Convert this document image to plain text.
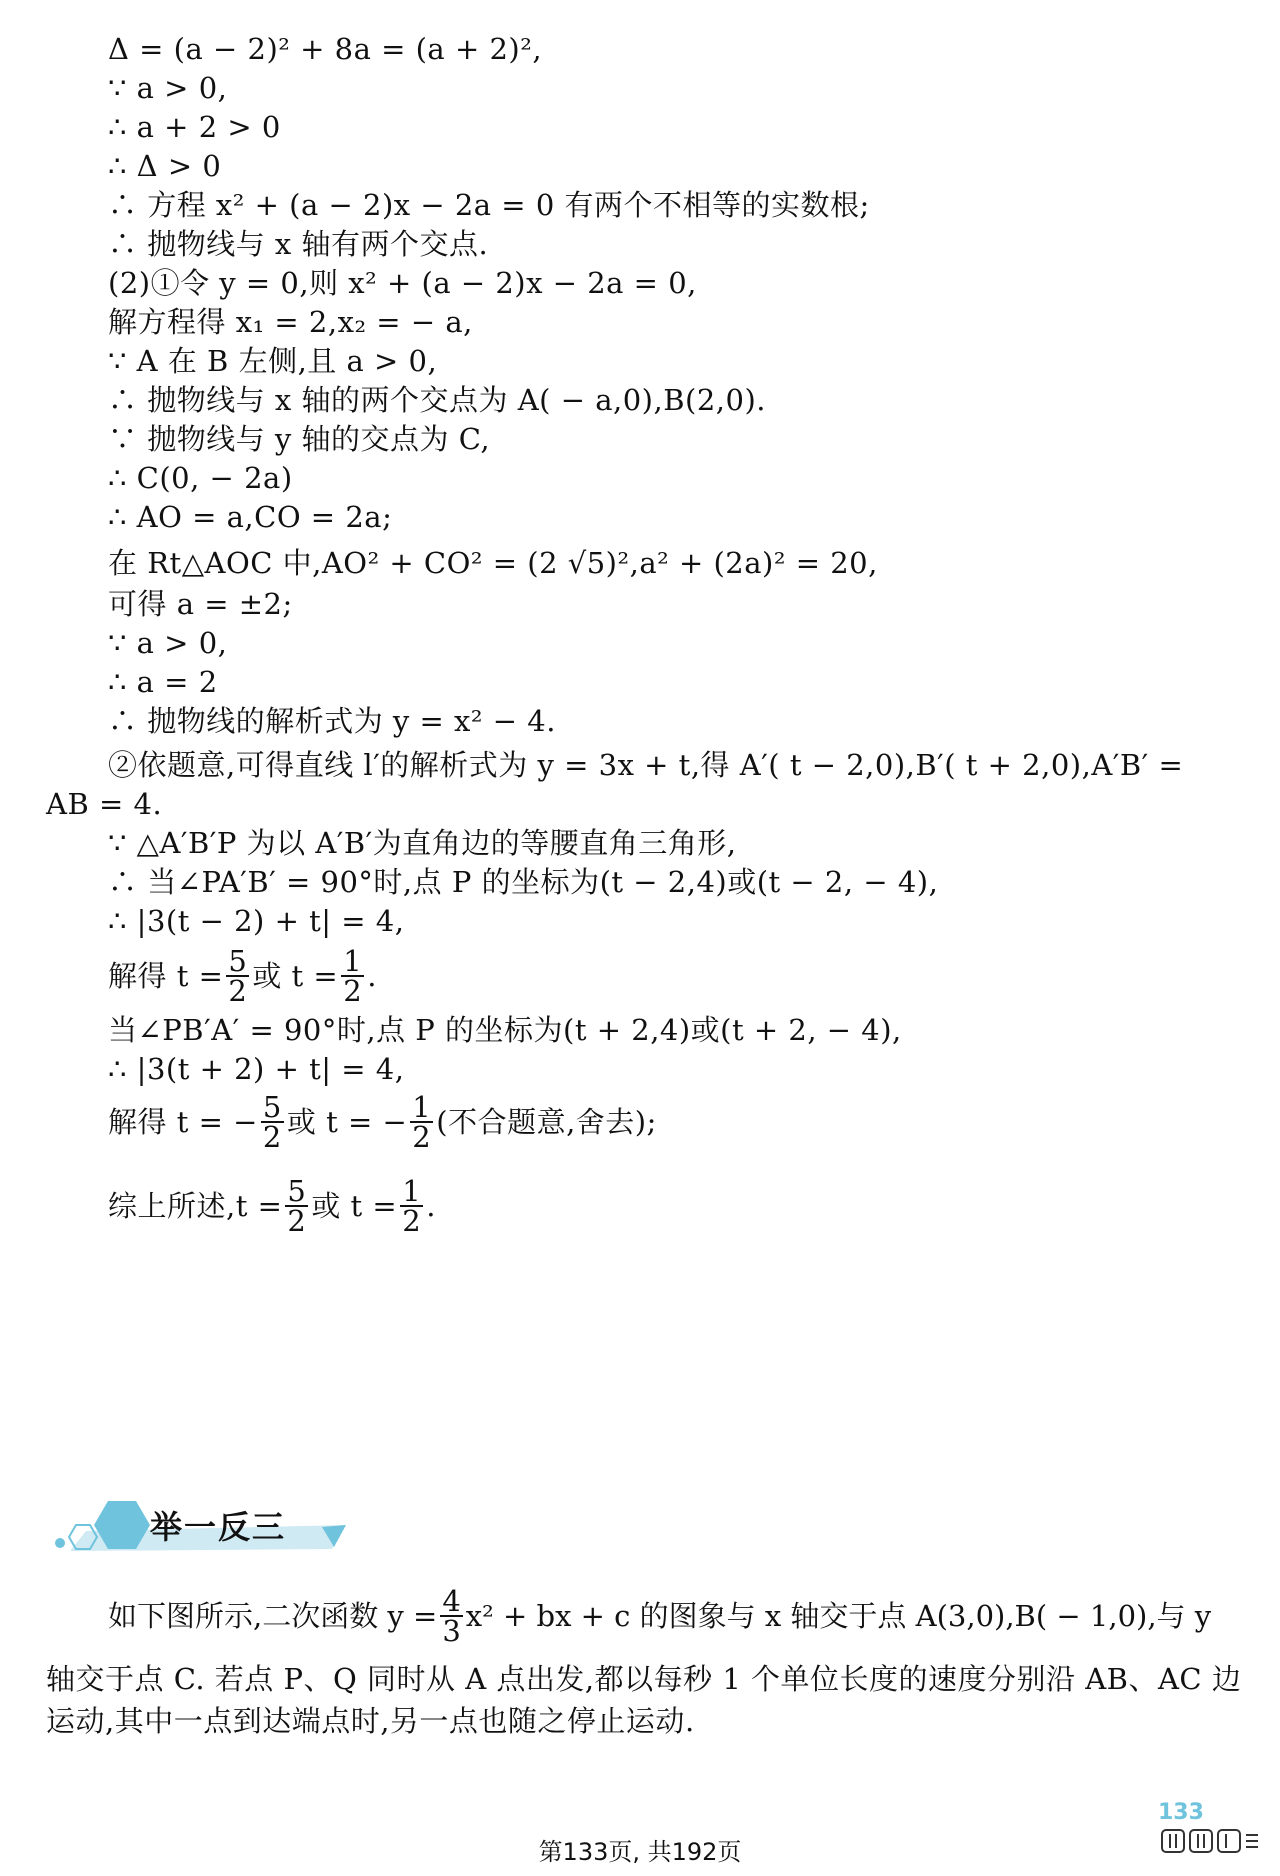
Δ = (a − 2)² + 8a = (a + 2)²,
∵ a > 0,
∴ a + 2 > 0
∴ Δ > 0
∴ 方程 x² + (a − 2)x − 2a = 0 有两个不相等的实数根;
∴ 抛物线与 x 轴有两个交点.
(2)①令 y = 0,则 x² + (a − 2)x − 2a = 0,
解方程得 x₁ = 2,x₂ = − a,
∵ A 在 B 左侧,且 a > 0,
∴ 抛物线与 x 轴的两个交点为 A( − a,0),B(2,0).
∵ 抛物线与 y 轴的交点为 C,
∴ C(0, − 2a)
∴ AO = a,CO = 2a;
在 Rt△AOC 中,AO² + CO² = (2 √5)²,a² + (2a)² = 20,
可得 a = ±2;
∵ a > 0,
∴ a = 2
∴ 抛物线的解析式为 y = x² − 4.
②依题意,可得直线 l′的解析式为 y = 3x + t,得 A′( t − 2,0),B′( t + 2,0),A′B′ =
AB = 4.
∵ △A′B′P 为以 A′B′为直角边的等腰直角三角形,
∴ 当∠PA′B′ = 90°时,点 P 的坐标为(t − 2,4)或(t − 2, − 4),
∴ |3(t − 2) + t| = 4,
解得 $t = \frac{5}{2}$ 或 $t = \frac{1}{2}$ .
当∠PB′A′ = 90°时,点 P 的坐标为(t + 2,4)或(t + 2, − 4),
∴ |3(t + 2) + t| = 4,
解得 t = − $\frac{5}{2}$ 或 t = − $\frac{1}{2}$ (不合题意,舍去);
综上所述$,t = \frac{5}{2}$ 或 $t = \frac{1}{2}$ .
举一反三
如下图所示,二次函数 $y = \frac{4}{3} x^2$ + bx + c 的图象与 x 轴交于点 A(3,0),B( − 1,0),与 y
轴交于点 C. 若点 P、Q 同时从 A 点出发,都以每秒 1 个单位长度的速度分别沿 AB、AC 边
运动,其中一点到达端点时,另一点也随之停止运动.
133
第133页, 共192页
